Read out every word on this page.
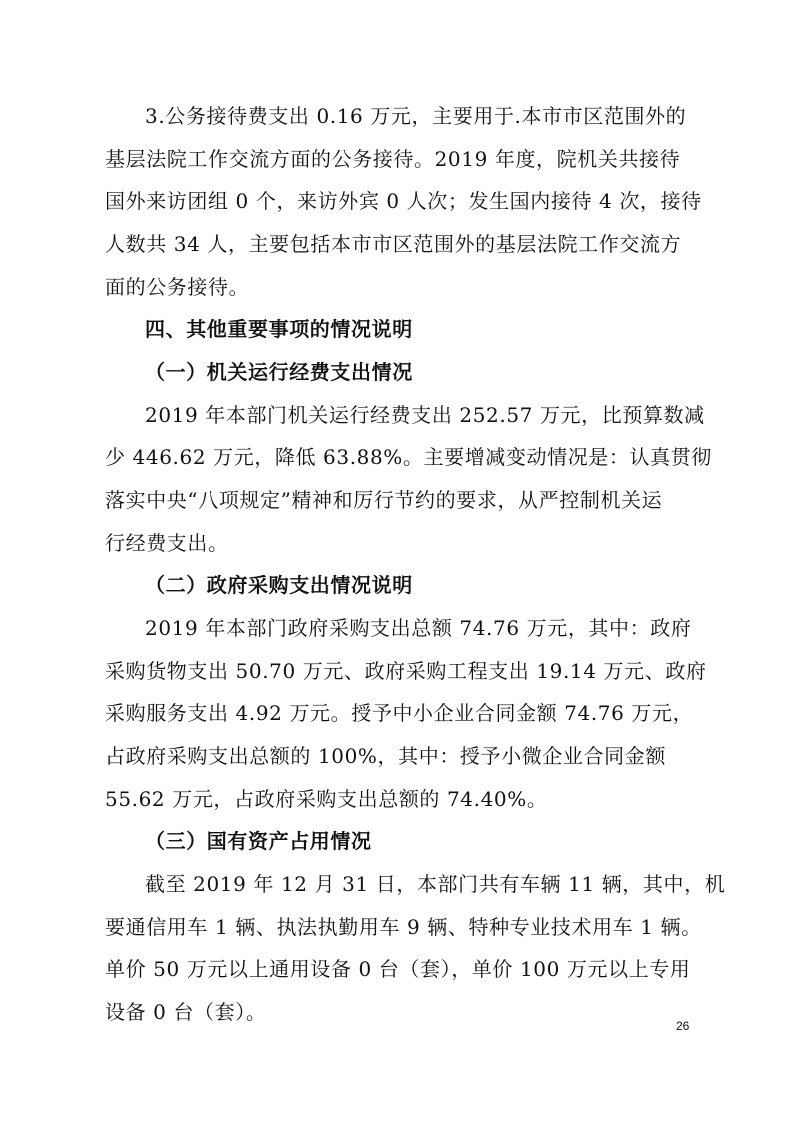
3.公务接待费支出 0.16 万元，主要用于.本市市区范围外的
基层法院工作交流方面的公务接待。2019 年度，院机关共接待
国外来访团组 0 个，来访外宾 0 人次；发生国内接待 4 次，接待
人数共 34 人，主要包括本市市区范围外的基层法院工作交流方
面的公务接待。
四、其他重要事项的情况说明
（一）机关运行经费支出情况
2019 年本部门机关运行经费支出 252.57 万元，比预算数减
少 446.62 万元，降低 63.88%。主要增减变动情况是：认真贯彻
落实中央“八项规定”精神和厉行节约的要求，从严控制机关运
行经费支出。
（二）政府采购支出情况说明
2019 年本部门政府采购支出总额 74.76 万元，其中：政府
采购货物支出 50.70 万元、政府采购工程支出 19.14 万元、政府
采购服务支出 4.92 万元。授予中小企业合同金额 74.76 万元，
占政府采购支出总额的 100%，其中：授予小微企业合同金额
55.62 万元，占政府采购支出总额的 74.40%。
（三）国有资产占用情况
截至 2019 年 12 月 31 日，本部门共有车辆 11 辆，其中，机
要通信用车 1 辆、执法执勤用车 9 辆、特种专业技术用车 1 辆。
单价 50 万元以上通用设备 0 台（套），单价 100 万元以上专用
设备 0 台（套）。
26
